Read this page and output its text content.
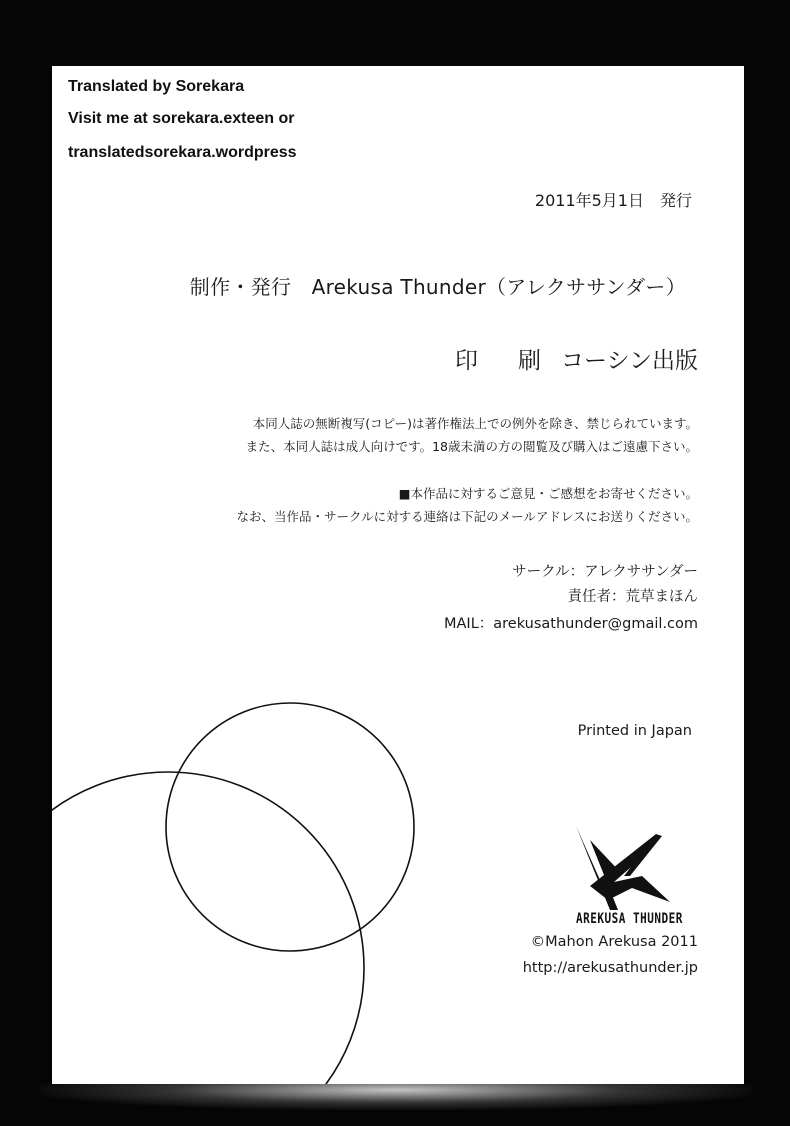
Translated by Sorekara
Visit me at sorekara.exteen or
translatedsorekara.wordpress
2011年5月1日　発行
制作・発行　Arekusa Thunder（アレクササンダー）
印 刷 コーシン出版
本同人誌の無断複写(コピー)は著作権法上での例外を除き、禁じられています。
また、本同人誌は成人向けです。18歳未満の方の閲覧及び購入はご遠慮下さい。
■本作品に対するご意見・ご感想をお寄せください。
なお、当作品・サークルに対する連絡は下記のメールアドレスにお送りください。
サークル：アレクササンダー
責任者：荒草まほん
MAIL：arekusathunder@gmail.com
Printed in Japan
AREKUSA THUNDER
©Mahon Arekusa 2011
http://arekusathunder.jp
